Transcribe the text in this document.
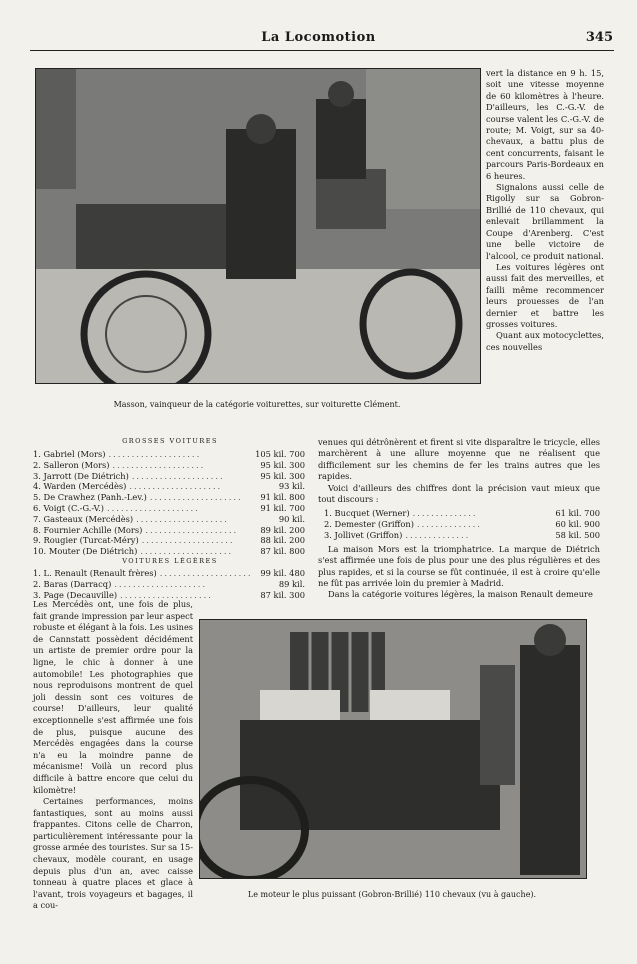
La Locomotion	345
Masson, vainqueur de la catégorie voiturettes, sur voiturette Clément.

vert la distance en 9 h. 15, soit une vitesse moyenne de 60 kilomètres à l'heure. D'ailleurs, les C.-G.-V. de course valent les C.-G.-V. de route; M. Voigt, sur sa 40-chevaux, a battu plus de cent concurrents, faisant le parcours Paris-Bordeaux en 6 heures.

Signalons aussi celle de Rigolly sur sa Gobron-Brillié de 110 chevaux, qui enlevait brillamment la Coupe d'Arenberg. C'est une belle victoire de l'alcool, ce produit national.

Les voitures légères ont aussi fait des merveilles, et failli même recommencer leurs prouesses de l'an dernier et battre les grosses voitures.

Quant aux motocyclettes, ces nouvelles

GROSSES VOITURES
1. Gabriel (Mors) ....................	105 kil. 700
2. Salleron (Mors) ....................	95 kil. 300
3. Jarrott (De Diétrich) ....................	95 kil. 300
4. Warden (Mercédès) ....................	93 kil.
5. De Crawhez (Panh.-Lev.) ....................	91 kil. 800
6. Voigt (C.-G.-V.) ....................	91 kil. 700
7. Gasteaux (Mercédès) ....................	90 kil.
8. Fournier Achille (Mors) ....................	89 kil. 200
9. Rougier (Turcat-Méry) ....................	88 kil. 200
10. Mouter (De Diétrich) ....................	87 kil. 800
VOITURES LÉGÈRES
1. L. Renault (Renault frères) .................... 99 kil. 480
2. Baras (Darracq) ....................	89 kil.
3. Page (Decauville) ....................	87 kil. 300

venues qui détrônèrent et firent si vite disparaître le tricycle, elles marchèrent à une allure moyenne que ne réalisent que difficilement sur les chemins de fer les trains autres que les rapides.

Voici d'ailleurs des chiffres dont la précision vaut mieux que tout discours :

1. Bucquet (Werner) ..............	61 kil. 700
2. Demester (Griffon) ..............	60 kil. 900
3. Jollivet (Griffon) ..............	58 kil. 500

La maison Mors est la triomphatrice. La marque de Diétrich s'est affirmée une fois de plus pour une des plus régulières et des plus rapides, et si la course se fût continuée, il est à croire qu'elle ne fût pas arrivée loin du premier à Madrid.

Dans la catégorie voitures légères, la maison Renault demeure

Les Mercédès ont, une fois de plus, fait grande impression par leur aspect robuste et élégant à la fois. Les usines de Cannstatt possèdent décidément un artiste de premier ordre pour la ligne, le chic à donner à une automobile! Les photographies que nous reproduisons montrent de quel joli dessin sont ces voitures de course! D'ailleurs, leur qualité exceptionnelle s'est affirmée une fois de plus, puisque aucune des Mercédès engagées dans la course n'a eu la moindre panne de mécanisme! Voilà un record plus difficile à battre encore que celui du kilomètre!

Certaines performances, moins fantastiques, sont au moins aussi frappantes. Citons celle de Charron, particulièrement intéressante pour la grosse armée des touristes. Sur sa 15-chevaux, modèle courant, en usage depuis plus d'un an, avec caisse tonneau à quatre places et glace à l'avant, trois voyageurs et bagages, il a cou-

Le moteur le plus puissant (Gobron-Brillié) 110 chevaux (vu à gauche).
